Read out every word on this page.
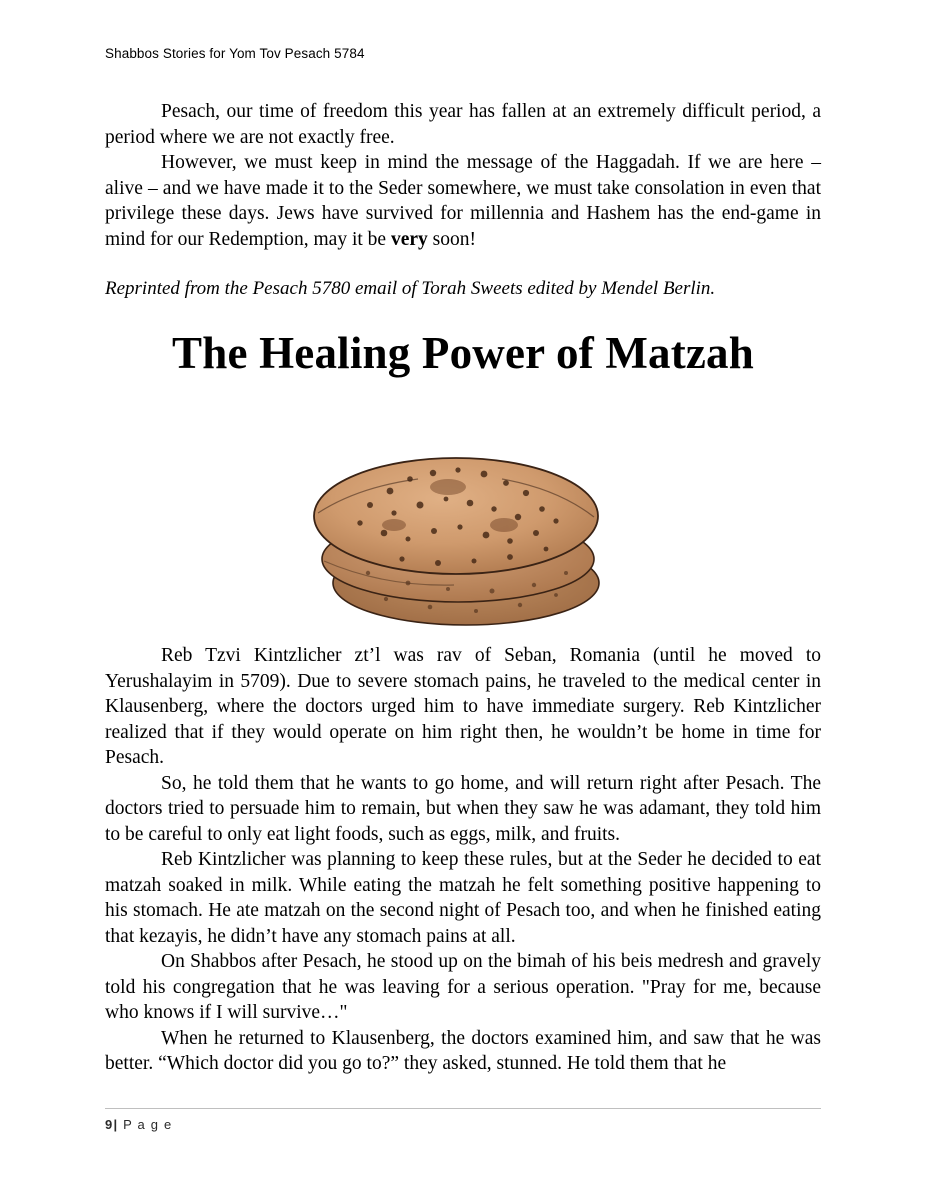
Shabbos Stories for Yom Tov Pesach 5784

Pesach, our time of freedom this year has fallen at an extremely difficult period, a period where we are not exactly free.

However, we must keep in mind the message of the Haggadah. If we are here – alive – and we have made it to the Seder somewhere, we must take consolation in even that privilege these days. Jews have survived for millennia and Hashem has the end-game in mind for our Redemption, may it be very soon!

Reprinted from the Pesach 5780 email of Torah Sweets edited by Mendel Berlin.

The Healing Power of Matzah

Reb Tzvi Kintzlicher zt’l was rav of Seban, Romania (until he moved to Yerushalayim in 5709). Due to severe stomach pains, he traveled to the medical center in Klausenberg, where the doctors urged him to have immediate surgery. Reb Kintzlicher realized that if they would operate on him right then, he wouldn’t be home in time for Pesach.

So, he told them that he wants to go home, and will return right after Pesach. The doctors tried to persuade him to remain, but when they saw he was adamant, they told him to be careful to only eat light foods, such as eggs, milk, and fruits.

Reb Kintzlicher was planning to keep these rules, but at the Seder he decided to eat matzah soaked in milk. While eating the matzah he felt something positive happening to his stomach. He ate matzah on the second night of Pesach too, and when he finished eating that kezayis, he didn’t have any stomach pains at all.

On Shabbos after Pesach, he stood up on the bimah of his beis medresh and gravely told his congregation that he was leaving for a serious operation. "Pray for me, because who knows if I will survive…"

When he returned to Klausenberg, the doctors examined him, and saw that he was better. “Which doctor did you go to?” they asked, stunned. He told them that he

9| P a g e
